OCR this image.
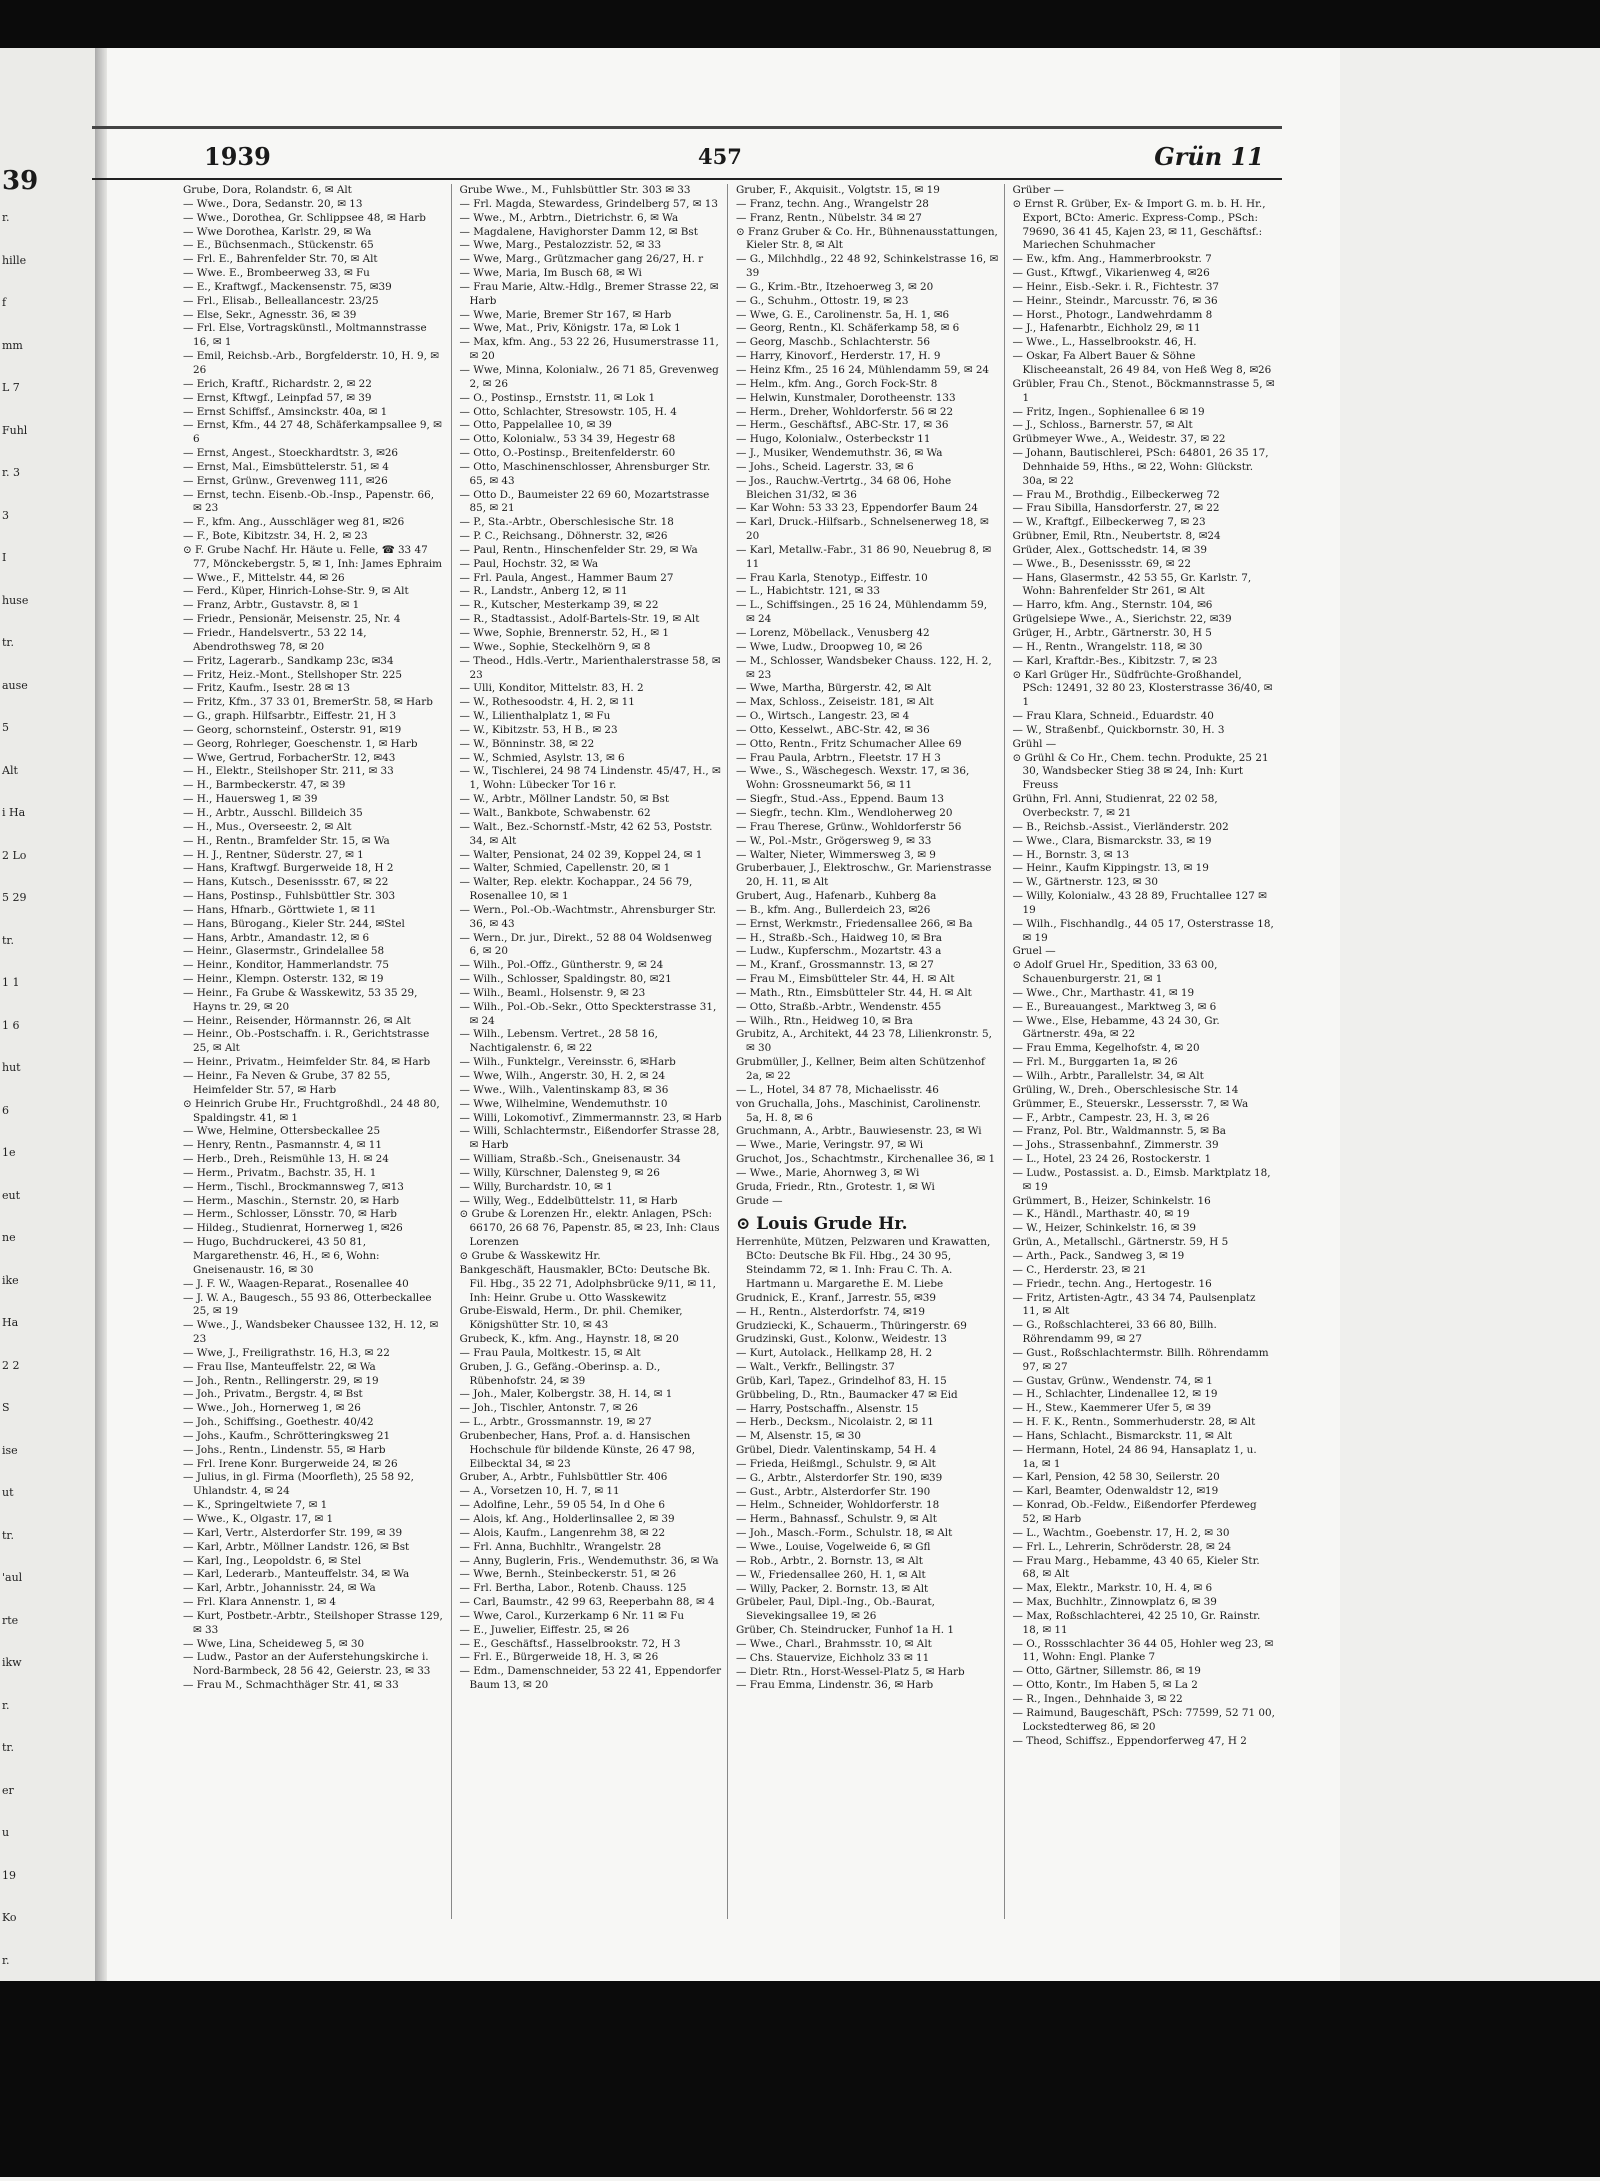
39
r.
hille
f
mm
L 7
Fuhl
r. 3
3
I
huse
tr.
ause
5
Alt
i Ha
2 Lo
5 29
tr.
1 1
1 6
hut
6
1e
eut
ne
ike
Ha
2 2
S
ise
ut
tr.
'aul
rte
ikw
r.
tr.
er
u
19
Ko
r.
1939	457	Grün 11
Grube, Dora, Rolandstr. 6, ✉ Alt
— Wwe., Dora, Sedanstr. 20, ✉ 13
— Wwe., Dorothea, Gr. Schlippsee 48, ✉ Harb
— Wwe Dorothea, Karlstr. 29, ✉ Wa
— E., Büchsenmach., Stückenstr. 65
— Frl. E., Bahrenfelder Str. 70, ✉ Alt
— Wwe. E., Brombeerweg 33, ✉ Fu
— E., Kraftwgf., Mackensenstr. 75, ✉39
— Frl., Elisab., Belleallancestr. 23/25
— Else, Sekr., Agnesstr. 36, ✉ 39
— Frl. Else, Vortragskünstl., Moltmannstrasse 16, ✉ 1
— Emil, Reichsb.-Arb., Borgfelderstr. 10, H. 9, ✉ 26
— Erich, Kraftf., Richardstr. 2, ✉ 22
— Ernst, Kftwgf., Leinpfad 57, ✉ 39
— Ernst Schiffsf., Amsinckstr. 40a, ✉ 1
— Ernst, Kfm., 44 27 48, Schäferkampsallee 9, ✉ 6
— Ernst, Angest., Stoeckhardtstr. 3, ✉26
— Ernst, Mal., Eimsbüttelerstr. 51, ✉ 4
— Ernst, Grünw., Grevenweg 111, ✉26
— Ernst, techn. Eisenb.-Ob.-Insp., Papenstr. 66, ✉ 23
— F., kfm. Ang., Ausschläger weg 81, ✉26
— F., Bote, Kibitzstr. 34, H. 2, ✉ 23
⊙ F. Grube Nachf. Hr. Häute u. Felle, ☎ 33 47 77, Mönckebergstr. 5, ✉ 1, Inh: James Ephraim
— Wwe., F., Mittelstr. 44, ✉ 26
— Ferd., Küper, Hinrich-Lohse-Str. 9, ✉ Alt
— Franz, Arbtr., Gustavstr. 8, ✉ 1
— Friedr., Pensionär, Meisenstr. 25, Nr. 4
— Friedr., Handelsvertr., 53 22 14, Abendrothsweg 78, ✉ 20
— Fritz, Lagerarb., Sandkamp 23c, ✉34
— Fritz, Heiz.-Mont., Stellshoper Str. 225
— Fritz, Kaufm., Isestr. 28 ✉ 13
— Fritz, Kfm., 37 33 01, BremerStr. 58, ✉ Harb
— G., graph. Hilfsarbtr., Eiffestr. 21, H 3
— Georg, schornsteinf., Osterstr. 91, ✉19
— Georg, Rohrleger, Goeschenstr. 1, ✉ Harb
— Wwe, Gertrud, ForbacherStr. 12, ✉43
— H., Elektr., Steilshoper Str. 211, ✉ 33
— H., Barmbeckerstr. 47, ✉ 39
— H., Hauersweg 1, ✉ 39
— H., Arbtr., Ausschl. Billdeich 35
— H., Mus., Overseestr. 2, ✉ Alt
— H., Rentn., Bramfelder Str. 15, ✉ Wa
— H. J., Rentner, Süderstr. 27, ✉ 1
— Hans, Kraftwgf. Burgerweide 18, H 2
— Hans, Kutsch., Desenissstr. 67, ✉ 22
— Hans, Postinsp., Fuhlsbüttler Str. 303
— Hans, Hfnarb., Görttwiete 1, ✉ 11
— Hans, Bürogang., Kieler Str. 244, ✉Stel
— Hans, Arbtr., Amandastr. 12, ✉ 6
— Heinr., Glasermstr., Grindelallee 58
— Heinr., Konditor, Hammerlandstr. 75
— Heinr., Klempn. Osterstr. 132, ✉ 19
— Heinr., Fa Grube & Wasskewitz, 53 35 29, Hayns tr. 29, ✉ 20
— Heinr., Reisender, Hörmannstr. 26, ✉ Alt
— Heinr., Ob.-Postschaffn. i. R., Gerichtstrasse 25, ✉ Alt
— Heinr., Privatm., Heimfelder Str. 84, ✉ Harb
— Heinr., Fa Neven & Grube, 37 82 55, Heimfelder Str. 57, ✉ Harb
⊙ Heinrich Grube Hr., Fruchtgroßhdl., 24 48 80, Spaldingstr. 41, ✉ 1
— Wwe, Helmine, Ottersbeckallee 25
— Henry, Rentn., Pasmannstr. 4, ✉ 11
— Herb., Dreh., Reismühle 13, H. ✉ 24
— Herm., Privatm., Bachstr. 35, H. 1
— Herm., Tischl., Brockmannsweg 7, ✉13
— Herm., Maschin., Sternstr. 20, ✉ Harb
— Herm., Schlosser, Lönsstr. 70, ✉ Harb
— Hildeg., Studienrat, Hornerweg 1, ✉26
— Hugo, Buchdruckerei, 43 50 81, Margarethenstr. 46, H., ✉ 6, Wohn: Gneisenaustr. 16, ✉ 30
— J. F. W., Waagen-Reparat., Rosenallee 40
— J. W. A., Baugesch., 55 93 86, Otterbeckallee 25, ✉ 19
— Wwe., J., Wandsbeker Chaussee 132, H. 12, ✉ 23
— Wwe, J., Freiligrathstr. 16, H.3, ✉ 22
— Frau Ilse, Manteuffelstr. 22, ✉ Wa
— Joh., Rentn., Rellingerstr. 29, ✉ 19
— Joh., Privatm., Bergstr. 4, ✉ Bst
— Wwe., Joh., Hornerweg 1, ✉ 26
— Joh., Schiffsing., Goethestr. 40/42
— Johs., Kaufm., Schrötteringksweg 21
— Johs., Rentn., Lindenstr. 55, ✉ Harb
— Frl. Irene Konr. Burgerweide 24, ✉ 26
— Julius, in gl. Firma (Moorfleth), 25 58 92, Uhlandstr. 4, ✉ 24
— K., Springeltwiete 7, ✉ 1
— Wwe., K., Olgastr. 17, ✉ 1
— Karl, Vertr., Alsterdorfer Str. 199, ✉ 39
— Karl, Arbtr., Möllner Landstr. 126, ✉ Bst
— Karl, Ing., Leopoldstr. 6, ✉ Stel
— Karl, Lederarb., Manteuffelstr. 34, ✉ Wa
— Karl, Arbtr., Johannisstr. 24, ✉ Wa
— Frl. Klara Annenstr. 1, ✉ 4
— Kurt, Postbetr.-Arbtr., Steilshoper Strasse 129, ✉ 33
— Wwe, Lina, Scheideweg 5, ✉ 30
— Ludw., Pastor an der Auferstehungskirche i. Nord-Barmbeck, 28 56 42, Geierstr. 23, ✉ 33
— Frau M., Schmachthäger Str. 41, ✉ 33
Grube Wwe., M., Fuhlsbüttler Str. 303 ✉ 33
— Frl. Magda, Stewardess, Grindelberg 57, ✉ 13
— Wwe., M., Arbtrn., Dietrichstr. 6, ✉ Wa
— Magdalene, Havighorster Damm 12, ✉ Bst
— Wwe, Marg., Pestalozzistr. 52, ✉ 33
— Wwe, Marg., Grützmacher gang 26/27, H. r
— Wwe, Maria, Im Busch 68, ✉ Wi
— Frau Marie, Altw.-Hdlg., Bremer Strasse 22, ✉ Harb
— Wwe, Marie, Bremer Str 167, ✉ Harb
— Wwe, Mat., Priv, Königstr. 17a, ✉ Lok 1
— Max, kfm. Ang., 53 22 26, Husumerstrasse 11, ✉ 20
— Wwe, Minna, Kolonialw., 26 71 85, Grevenweg 2, ✉ 26
— O., Postinsp., Ernststr. 11, ✉ Lok 1
— Otto, Schlachter, Stresowstr. 105, H. 4
— Otto, Pappelallee 10, ✉ 39
— Otto, Kolonialw., 53 34 39, Hegestr 68
— Otto, O.-Postinsp., Breitenfelderstr. 60
— Otto, Maschinenschlosser, Ahrensburger Str. 65, ✉ 43
— Otto D., Baumeister 22 69 60, Mozartstrasse 85, ✉ 21
— P., Sta.-Arbtr., Oberschlesische Str. 18
— P. C., Reichsang., Döhnerstr. 32, ✉26
— Paul, Rentn., Hinschenfelder Str. 29, ✉ Wa
— Paul, Hochstr. 32, ✉ Wa
— Frl. Paula, Angest., Hammer Baum 27
— R., Landstr., Anberg 12, ✉ 11
— R., Kutscher, Mesterkamp 39, ✉ 22
— R., Stadtassist., Adolf-Bartels-Str. 19, ✉ Alt
— Wwe, Sophie, Brennerstr. 52, H., ✉ 1
— Wwe., Sophie, Steckelhörn 9, ✉ 8
— Theod., Hdls.-Vertr., Marienthalerstrasse 58, ✉ 23
— Ulli, Konditor, Mittelstr. 83, H. 2
— W., Rothesoodstr. 4, H. 2, ✉ 11
— W., Lilienthalplatz 1, ✉ Fu
— W., Kibitzstr. 53, H B., ✉ 23
— W., Bönninstr. 38, ✉ 22
— W., Schmied, Asylstr. 13, ✉ 6
— W., Tischlerei, 24 98 74 Lindenstr. 45/47, H., ✉ 1, Wohn: Lübecker Tor 16 r.
— W., Arbtr., Möllner Landstr. 50, ✉ Bst
— Walt., Bankbote, Schwabenstr. 62
— Walt., Bez.-Schornstf.-Mstr, 42 62 53, Poststr. 34, ✉ Alt
— Walter, Pensionat, 24 02 39, Koppel 24, ✉ 1
— Walter, Schmied, Capellenstr. 20, ✉ 1
— Walter, Rep. elektr. Kochappar., 24 56 79, Rosenallee 10, ✉ 1
— Wern., Pol.-Ob.-Wachtmstr., Ahrensburger Str. 36, ✉ 43
— Wern., Dr. jur., Direkt., 52 88 04 Woldsenweg 6, ✉ 20
— Wilh., Pol.-Offz., Güntherstr. 9, ✉ 24
— Wilh., Schlosser, Spaldingstr. 80, ✉21
— Wilh., Beaml., Holsenstr. 9, ✉ 23
— Wilh., Pol.-Ob.-Sekr., Otto Speckterstrasse 31, ✉ 24
— Wilh., Lebensm. Vertret., 28 58 16, Nachtigalenstr. 6, ✉ 22
— Wilh., Funktelgr., Vereinsstr. 6, ✉Harb
— Wwe, Wilh., Angerstr. 30, H. 2, ✉ 24
— Wwe., Wilh., Valentinskamp 83, ✉ 36
— Wwe, Wilhelmine, Wendemuthstr. 10
— Willi, Lokomotivf., Zimmermannstr. 23, ✉ Harb
— Willi, Schlachtermstr., Eißendorfer Strasse 28, ✉ Harb
— William, Straßb.-Sch., Gneisenaustr. 34
— Willy, Kürschner, Dalensteg 9, ✉ 26
— Willy, Burchardstr. 10, ✉ 1
— Willy, Weg., Eddelbüttelstr. 11, ✉ Harb
⊙ Grube & Lorenzen Hr., elektr. Anlagen, PSch: 66170, 26 68 76, Papenstr. 85, ✉ 23, Inh: Claus Lorenzen
⊙ Grube & Wasskewitz Hr.
Bankgeschäft, Hausmakler, BCto: Deutsche Bk. Fil. Hbg., 35 22 71, Adolphsbrücke 9/11, ✉ 11, Inh: Heinr. Grube u. Otto Wasskewitz
Grube-Eiswald, Herm., Dr. phil. Chemiker, Königshütter Str. 10, ✉ 43
Grubeck, K., kfm. Ang., Haynstr. 18, ✉ 20
— Frau Paula, Moltkestr. 15, ✉ Alt
Gruben, J. G., Gefäng.-Oberinsp. a. D., Rübenhofstr. 24, ✉ 39
— Joh., Maler, Kolbergstr. 38, H. 14, ✉ 1
— Joh., Tischler, Antonstr. 7, ✉ 26
— L., Arbtr., Grossmannstr. 19, ✉ 27
Grubenbecher, Hans, Prof. a. d. Hansischen Hochschule für bildende Künste, 26 47 98, Eilbecktal 34, ✉ 23
Gruber, A., Arbtr., Fuhlsbüttler Str. 406
— A., Vorsetzen 10, H. 7, ✉ 11
— Adolfine, Lehr., 59 05 54, In d Ohe 6
— Alois, kf. Ang., Holderlinsallee 2, ✉ 39
— Alois, Kaufm., Langenrehm 38, ✉ 22
— Frl. Anna, Buchhltr., Wrangelstr. 28
— Anny, Buglerin, Fris., Wendemuthstr. 36, ✉ Wa
— Wwe, Bernh., Steinbeckerstr. 51, ✉ 26
— Frl. Bertha, Labor., Rotenb. Chauss. 125
— Carl, Baumstr., 42 99 63, Reeperbahn 88, ✉ 4
— Wwe, Carol., Kurzerkamp 6 Nr. 11 ✉ Fu
— E., Juwelier, Eiffestr. 25, ✉ 26
— E., Geschäftsf., Hasselbrookstr. 72, H 3
— Frl. E., Bürgerweide 18, H. 3, ✉ 26
— Edm., Damenschneider, 53 22 41, Eppendorfer Baum 13, ✉ 20
Gruber, F., Akquisit., Volgtstr. 15, ✉ 19
— Franz, techn. Ang., Wrangelstr 28
— Franz, Rentn., Nübelstr. 34 ✉ 27
⊙ Franz Gruber & Co. Hr., Bühnenausstattungen, Kieler Str. 8, ✉ Alt
— G., Milchhdlg., 22 48 92, Schinkelstrasse 16, ✉ 39
— G., Krim.-Btr., Itzehoerweg 3, ✉ 20
— G., Schuhm., Ottostr. 19, ✉ 23
— Wwe, G. E., Carolinenstr. 5a, H. 1, ✉6
— Georg, Rentn., Kl. Schäferkamp 58, ✉ 6
— Georg, Maschb., Schlachterstr. 56
— Harry, Kinovorf., Herderstr. 17, H. 9
— Heinz Kfm., 25 16 24, Mühlendamm 59, ✉ 24
— Helm., kfm. Ang., Gorch Fock-Str. 8
— Helwin, Kunstmaler, Dorotheenstr. 133
— Herm., Dreher, Wohldorferstr. 56 ✉ 22
— Herm., Geschäftsf., ABC-Str. 17, ✉ 36
— Hugo, Kolonialw., Osterbeckstr 11
— J., Musiker, Wendemuthstr. 36, ✉ Wa
— Johs., Scheid. Lagerstr. 33, ✉ 6
— Jos., Rauchw.-Vertrtg., 34 68 06, Hohe Bleichen 31/32, ✉ 36
— Kar Wohn: 53 33 23, Eppendorfer Baum 24
— Karl, Druck.-Hilfsarb., Schnelsenerweg 18, ✉ 20
— Karl, Metallw.-Fabr., 31 86 90, Neuebrug 8, ✉ 11
— Frau Karla, Stenotyp., Eiffestr. 10
— L., Habichtstr. 121, ✉ 33
— L., Schiffsingen., 25 16 24, Mühlendamm 59, ✉ 24
— Lorenz, Möbellack., Venusberg 42
— Wwe, Ludw., Droopweg 10, ✉ 26
— M., Schlosser, Wandsbeker Chauss. 122, H. 2, ✉ 23
— Wwe, Martha, Bürgerstr. 42, ✉ Alt
— Max, Schloss., Zeiseistr. 181, ✉ Alt
— O., Wirtsch., Langestr. 23, ✉ 4
— Otto, Kesselwt., ABC-Str. 42, ✉ 36
— Otto, Rentn., Fritz Schumacher Allee 69
— Frau Paula, Arbtrn., Fleetstr. 17 H 3
— Wwe., S., Wäschegesch. Wexstr. 17, ✉ 36, Wohn: Grossneumarkt 56, ✉ 11
— Siegfr., Stud.-Ass., Eppend. Baum 13
— Siegfr., techn. Klm., Wendloherweg 20
— Frau Therese, Grünw., Wohldorferstr 56
— W., Pol.-Mstr., Grögersweg 9, ✉ 33
— Walter, Nieter, Wimmersweg 3, ✉ 9
Gruberbauer, J., Elektroschw., Gr. Marienstrasse 20, H. 11, ✉ Alt
Grubert, Aug., Hafenarb., Kuhberg 8a
— B., kfm. Ang., Bullerdeich 23, ✉26
— Ernst, Werkmstr., Friedensallee 266, ✉ Ba
— H., Straßb.-Sch., Haidweg 10, ✉ Bra
— Ludw., Kupferschm., Mozartstr. 43 a
— M., Kranf., Grossmannstr. 13, ✉ 27
— Frau M., Eimsbütteler Str. 44, H. ✉ Alt
— Math., Rtn., Eimsbütteler Str. 44, H. ✉ Alt
— Otto, Straßb.-Arbtr., Wendenstr. 455
— Wilh., Rtn., Heidweg 10, ✉ Bra
Grubitz, A., Architekt, 44 23 78, Lilienkronstr. 5, ✉ 30
Grubmüller, J., Kellner, Beim alten Schützenhof 2a, ✉ 22
— L., Hotel, 34 87 78, Michaelisstr. 46
von Gruchalla, Johs., Maschinist, Carolinenstr. 5a, H. 8, ✉ 6
Gruchmann, A., Arbtr., Bauwiesenstr. 23, ✉ Wi
— Wwe., Marie, Veringstr. 97, ✉ Wi
Gruchot, Jos., Schachtmstr., Kirchenallee 36, ✉ 1
— Wwe., Marie, Ahornweg 3, ✉ Wi
Gruda, Friedr., Rtn., Grotestr. 1, ✉ Wi
Grude —
⊙ Louis Grude Hr.
Herrenhüte, Mützen, Pelzwaren und Krawatten, BCto: Deutsche Bk Fil. Hbg., 24 30 95, Steindamm 72, ✉ 1. Inh: Frau C. Th. A. Hartmann u. Margarethe E. M. Liebe
Grudnick, E., Kranf., Jarrestr. 55, ✉39
— H., Rentn., Alsterdorfstr. 74, ✉19
Grudziecki, K., Schauerm., Thüringerstr. 69
Grudzinski, Gust., Kolonw., Weidestr. 13
— Kurt, Autolack., Hellkamp 28, H. 2
— Walt., Verkfr., Bellingstr. 37
Grüb, Karl, Tapez., Grindelhof 83, H. 15
Grübbeling, D., Rtn., Baumacker 47 ✉ Eid
— Harry, Postschaffn., Alsenstr. 15
— Herb., Decksm., Nicolaistr. 2, ✉ 11
— M, Alsenstr. 15, ✉ 30
Grübel, Diedr. Valentinskamp, 54 H. 4
— Frieda, Heißmgl., Schulstr. 9, ✉ Alt
— G., Arbtr., Alsterdorfer Str. 190, ✉39
— Gust., Arbtr., Alsterdorfer Str. 190
— Helm., Schneider, Wohldorferstr. 18
— Herm., Bahnassf., Schulstr. 9, ✉ Alt
— Joh., Masch.-Form., Schulstr. 18, ✉ Alt
— Wwe., Louise, Vogelweide 6, ✉ Gfl
— Rob., Arbtr., 2. Bornstr. 13, ✉ Alt
— W., Friedensallee 260, H. 1, ✉ Alt
— Willy, Packer, 2. Bornstr. 13, ✉ Alt
Grübeler, Paul, Dipl.-Ing., Ob.-Baurat, Sievekingsallee 19, ✉ 26
Grüber, Ch. Steindrucker, Funhof 1a H. 1
— Wwe., Charl., Brahmsstr. 10, ✉ Alt
— Chs. Stauervize, Eichholz 33 ✉ 11
— Dietr. Rtn., Horst-Wessel-Platz 5, ✉ Harb
— Frau Emma, Lindenstr. 36, ✉ Harb
Grüber —
⊙ Ernst R. Grüber, Ex- & Import G. m. b. H. Hr., Export, BCto: Americ. Express-Comp., PSch: 79690, 36 41 45, Kajen 23, ✉ 11, Geschäftsf.: Mariechen Schuhmacher
— Ew., kfm. Ang., Hammerbrookstr. 7
— Gust., Kftwgf., Vikarienweg 4, ✉26
— Heinr., Eisb.-Sekr. i. R., Fichtestr. 37
— Heinr., Steindr., Marcusstr. 76, ✉ 36
— Horst., Photogr., Landwehrdamm 8
— J., Hafenarbtr., Eichholz 29, ✉ 11
— Wwe., L., Hasselbrookstr. 46, H.
— Oskar, Fa Albert Bauer & Söhne Klischeeanstalt, 26 49 84, von Heß Weg 8, ✉26
Grübler, Frau Ch., Stenot., Böckmannstrasse 5, ✉ 1
— Fritz, Ingen., Sophienallee 6 ✉ 19
— J., Schloss., Barnerstr. 57, ✉ Alt
Grübmeyer Wwe., A., Weidestr. 37, ✉ 22
— Johann, Bautischlerei, PSch: 64801, 26 35 17, Dehnhaide 59, Hths., ✉ 22, Wohn: Glückstr. 30a, ✉ 22
— Frau M., Brothdig., Eilbeckerweg 72
— Frau Sibilla, Hansdorferstr. 27, ✉ 22
— W., Kraftgf., Eilbeckerweg 7, ✉ 23
Grübner, Emil, Rtn., Neubertstr. 8, ✉24
Grüder, Alex., Gottschedstr. 14, ✉ 39
— Wwe., B., Desenissstr. 69, ✉ 22
— Hans, Glasermstr., 42 53 55, Gr. Karlstr. 7, Wohn: Bahrenfelder Str 261, ✉ Alt
— Harro, kfm. Ang., Sternstr. 104, ✉6
Grügelsiepe Wwe., A., Sierichstr. 22, ✉39
Grüger, H., Arbtr., Gärtnerstr. 30, H 5
— H., Rentn., Wrangelstr. 118, ✉ 30
— Karl, Kraftdr.-Bes., Kibitzstr. 7, ✉ 23
⊙ Karl Grüger Hr., Südfrüchte-Großhandel, PSch: 12491, 32 80 23, Klosterstrasse 36/40, ✉ 1
— Frau Klara, Schneid., Eduardstr. 40
— W., Straßenbf., Quickbornstr. 30, H. 3
Grühl —
⊙ Grühl & Co Hr., Chem. techn. Produkte, 25 21 30, Wandsbecker Stieg 38 ✉ 24, Inh: Kurt Freuss
Grühn, Frl. Anni, Studienrat, 22 02 58, Overbeckstr. 7, ✉ 21
— B., Reichsb.-Assist., Vierländerstr. 202
— Wwe., Clara, Bismarckstr. 33, ✉ 19
— H., Bornstr. 3, ✉ 13
— Heinr., Kaufm Kippingstr. 13, ✉ 19
— W., Gärtnerstr. 123, ✉ 30
— Willy, Kolonialw., 43 28 89, Fruchtallee 127 ✉ 19
— Wilh., Fischhandlg., 44 05 17, Osterstrasse 18, ✉ 19
Gruel —
⊙ Adolf Gruel Hr., Spedition, 33 63 00, Schauenburgerstr. 21, ✉ 1
— Wwe., Chr., Marthastr. 41, ✉ 19
— E., Bureauangest., Marktweg 3, ✉ 6
— Wwe., Else, Hebamme, 43 24 30, Gr. Gärtnerstr. 49a, ✉ 22
— Frau Emma, Kegelhofstr. 4, ✉ 20
— Frl. M., Burggarten 1a, ✉ 26
— Wilh., Arbtr., Parallelstr. 34, ✉ Alt
Grüling, W., Dreh., Oberschlesische Str. 14
Grümmer, E., Steuerskr., Lessersstr. 7, ✉ Wa
— F., Arbtr., Campestr. 23, H. 3, ✉ 26
— Franz, Pol. Btr., Waldmannstr. 5, ✉ Ba
— Johs., Strassenbahnf., Zimmerstr. 39
— L., Hotel, 23 24 26, Rostockerstr. 1
— Ludw., Postassist. a. D., Eimsb. Marktplatz 18, ✉ 19
Grümmert, B., Heizer, Schinkelstr. 16
— K., Händl., Marthastr. 40, ✉ 19
— W., Heizer, Schinkelstr. 16, ✉ 39
Grün, A., Metallschl., Gärtnerstr. 59, H 5
— Arth., Pack., Sandweg 3, ✉ 19
— C., Herderstr. 23, ✉ 21
— Friedr., techn. Ang., Hertogestr. 16
— Fritz, Artisten-Agtr., 43 34 74, Paulsenplatz 11, ✉ Alt
— G., Roßschlachterei, 33 66 80, Billh. Röhrendamm 99, ✉ 27
— Gust., Roßschlachtermstr. Billh. Röhrendamm 97, ✉ 27
— Gustav, Grünw., Wendenstr. 74, ✉ 1
— H., Schlachter, Lindenallee 12, ✉ 19
— H., Stew., Kaemmerer Ufer 5, ✉ 39
— H. F. K., Rentn., Sommerhuderstr. 28, ✉ Alt
— Hans, Schlacht., Bismarckstr. 11, ✉ Alt
— Hermann, Hotel, 24 86 94, Hansaplatz 1, u. 1a, ✉ 1
— Karl, Pension, 42 58 30, Seilerstr. 20
— Karl, Beamter, Odenwaldstr 12, ✉19
— Konrad, Ob.-Feldw., Eißendorfer Pferdeweg 52, ✉ Harb
— L., Wachtm., Goebenstr. 17, H. 2, ✉ 30
— Frl. L., Lehrerin, Schröderstr. 28, ✉ 24
— Frau Marg., Hebamme, 43 40 65, Kieler Str. 68, ✉ Alt
— Max, Elektr., Markstr. 10, H. 4, ✉ 6
— Max, Buchhltr., Zinnowplatz 6, ✉ 39
— Max, Roßschlachterei, 42 25 10, Gr. Rainstr. 18, ✉ 11
— O., Rossschlachter 36 44 05, Hohler weg 23, ✉ 11, Wohn: Engl. Planke 7
— Otto, Gärtner, Sillemstr. 86, ✉ 19
— Otto, Kontr., Im Haben 5, ✉ La 2
— R., Ingen., Dehnhaide 3, ✉ 22
— Raimund, Baugeschäft, PSch: 77599, 52 71 00, Lockstedterweg 86, ✉ 20
— Theod, Schiffsz., Eppendorferweg 47, H 2
